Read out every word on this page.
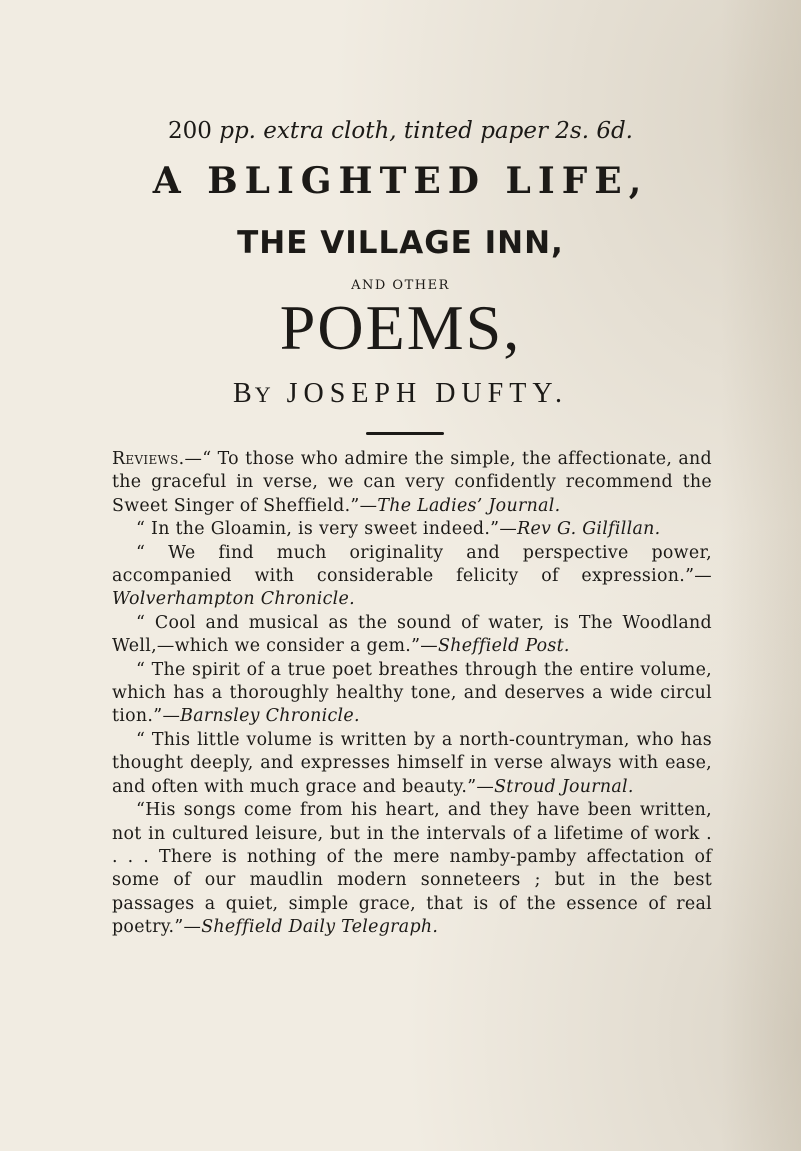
200 pp. extra cloth, tinted paper 2s. 6d.
A BLIGHTED LIFE,
THE VILLAGE INN,
AND OTHER
POEMS,
BY JOSEPH DUFTY.

Reviews.—“ To those who admire the simple, the affectionate, and the graceful in verse, we can very confidently recommend the Sweet Singer of Sheffield.”—The Ladies’ Journal.

“ In the Gloamin, is very sweet indeed.”—Rev G. Gilfillan.

“ We find much originality and perspective power, accompanied with considerable felicity of expression.”—Wolverhampton Chronicle.

“ Cool and musical as the sound of water, is The Woodland Well,—which we consider a gem.”—Sheffield Post.

“ The spirit of a true poet breathes through the entire volume, which has a thoroughly healthy tone, and deserves a wide circul tion.”—Barnsley Chronicle.

“ This little volume is written by a north-countryman, who has thought deeply, and expresses himself in verse always with ease, and often with much grace and beauty.”—Stroud Journal.

“His songs come from his heart, and they have been written, not in cultured leisure, but in the intervals of a lifetime of work . . . . There is nothing of the mere namby-pamby affectation of some of our maudlin modern sonneteers ; but in the best passages a quiet, simple grace, that is of the essence of real poetry.”—Sheffield Daily Telegraph.
